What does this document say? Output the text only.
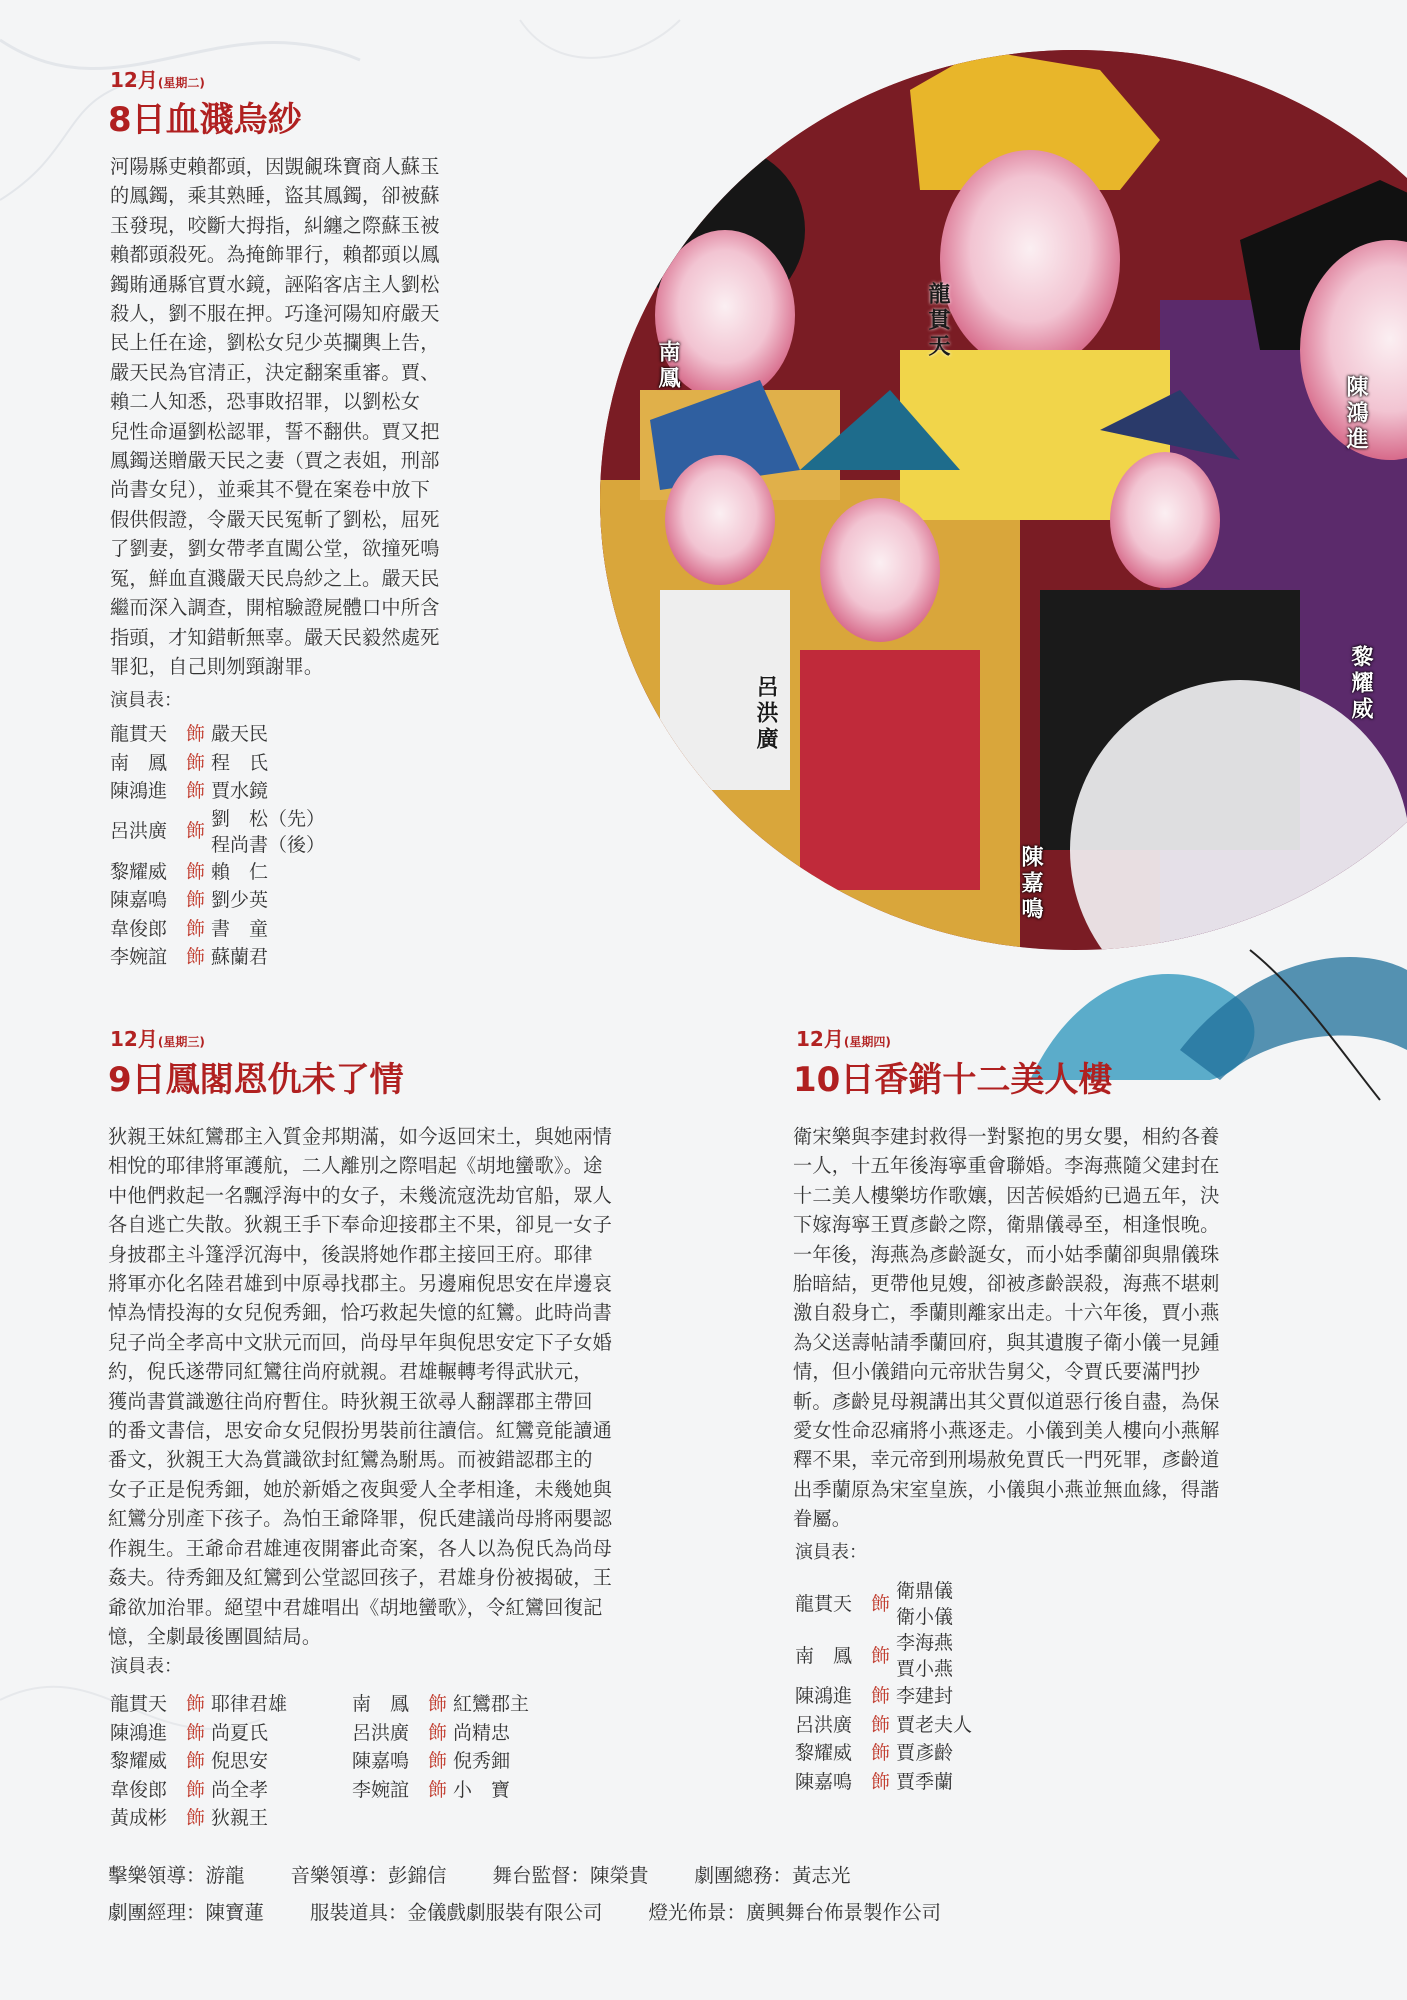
12月(星期二)
8日血濺烏紗
河陽縣吏賴都頭，因覬覦珠寶商人蘇玉
的鳳鐲，乘其熟睡，盜其鳳鐲，卻被蘇
玉發現，咬斷大拇指，糾纏之際蘇玉被
賴都頭殺死。為掩飾罪行，賴都頭以鳳
鐲賄通縣官賈水鏡，誣陷客店主人劉松
殺人，劉不服在押。巧逢河陽知府嚴天
民上任在途，劉松女兒少英攔輿上告，
嚴天民為官清正，決定翻案重審。賈、
賴二人知悉，恐事敗招罪，以劉松女
兒性命逼劉松認罪，誓不翻供。賈又把
鳳鐲送贈嚴天民之妻（賈之表姐，刑部
尚書女兒），並乘其不覺在案卷中放下
假供假證，令嚴天民冤斬了劉松，屈死
了劉妻，劉女帶孝直闖公堂，欲撞死鳴
冤，鮮血直濺嚴天民烏紗之上。嚴天民
繼而深入調查，開棺驗證屍體口中所含
指頭，才知錯斬無辜。嚴天民毅然處死
罪犯，自己則刎頸謝罪。
演員表：
龍貫天 飾 嚴天民
南　鳳 飾 程　氏
陳鴻進 飾 賈水鏡
呂洪廣 飾
劉　松（先）
程尚書（後）
黎耀威 飾 賴　仁
陳嘉鳴 飾 劉少英
韋俊郎 飾 書　童
李婉誼 飾 蘇蘭君
南鳳
龍貫天
陳鴻進
呂洪廣
陳嘉鳴
黎耀威
12月(星期三)
9日鳳閣恩仇未了情
狄親王妹紅鸞郡主入質金邦期滿，如今返回宋土，與她兩情
相悅的耶律將軍護航，二人離別之際唱起《胡地蠻歌》。途
中他們救起一名飄浮海中的女子，未幾流寇洗劫官船，眾人
各自逃亡失散。狄親王手下奉命迎接郡主不果，卻見一女子
身披郡主斗篷浮沉海中，後誤將她作郡主接回王府。耶律
將軍亦化名陸君雄到中原尋找郡主。另邊廂倪思安在岸邊哀
悼為情投海的女兒倪秀鈿，恰巧救起失憶的紅鸞。此時尚書
兒子尚全孝高中文狀元而回，尚母早年與倪思安定下子女婚
約，倪氏遂帶同紅鸞往尚府就親。君雄輾轉考得武狀元，
獲尚書賞識邀往尚府暫住。時狄親王欲尋人翻譯郡主帶回
的番文書信，思安命女兒假扮男裝前往讀信。紅鸞竟能讀通
番文，狄親王大為賞識欲封紅鸞為駙馬。而被錯認郡主的
女子正是倪秀鈿，她於新婚之夜與愛人全孝相逢，未幾她與
紅鸞分別產下孩子。為怕王爺降罪，倪氏建議尚母將兩嬰認
作親生。王爺命君雄連夜開審此奇案，各人以為倪氏為尚母
姦夫。待秀鈿及紅鸞到公堂認回孩子，君雄身份被揭破，王
爺欲加治罪。絕望中君雄唱出《胡地蠻歌》，令紅鸞回復記
憶，全劇最後團圓結局。
演員表：
龍貫天 飾 耶律君雄
陳鴻進 飾 尚夏氏
黎耀威 飾 倪思安
韋俊郎 飾 尚全孝
黃成彬 飾 狄親王
南　鳳 飾 紅鸞郡主
呂洪廣 飾 尚精忠
陳嘉鳴 飾 倪秀鈿
李婉誼 飾 小　寶
12月(星期四)
10日香銷十二美人樓
衛宋樂與李建封救得一對緊抱的男女嬰，相約各養
一人，十五年後海寧重會聯婚。李海燕隨父建封在
十二美人樓樂坊作歌孃，因苦候婚約已過五年，決
下嫁海寧王賈彥齡之際，衛鼎儀尋至，相逢恨晚。
一年後，海燕為彥齡誕女，而小姑季蘭卻與鼎儀珠
胎暗結，更帶他見嫂，卻被彥齡誤殺，海燕不堪刺
激自殺身亡，季蘭則離家出走。十六年後，賈小燕
為父送壽帖請季蘭回府，與其遺腹子衛小儀一見鍾
情，但小儀錯向元帝狀告舅父，令賈氏要滿門抄
斬。彥齡見母親講出其父賈似道惡行後自盡，為保
愛女性命忍痛將小燕逐走。小儀到美人樓向小燕解
釋不果，幸元帝到刑場赦免賈氏一門死罪，彥齡道
出季蘭原為宋室皇族，小儀與小燕並無血緣，得諧
眷屬。
演員表：
龍貫天 飾
衛鼎儀
衛小儀
南　鳳 飾
李海燕
賈小燕
陳鴻進 飾 李建封
呂洪廣 飾 賈老夫人
黎耀威 飾 賈彥齡
陳嘉鳴 飾 賈季蘭
擊樂領導：游龍 音樂領導：彭錦信 舞台監督：陳榮貴 劇團總務：黃志光
劇團經理：陳寶蓮 服裝道具：金儀戲劇服裝有限公司 燈光佈景：廣興舞台佈景製作公司
